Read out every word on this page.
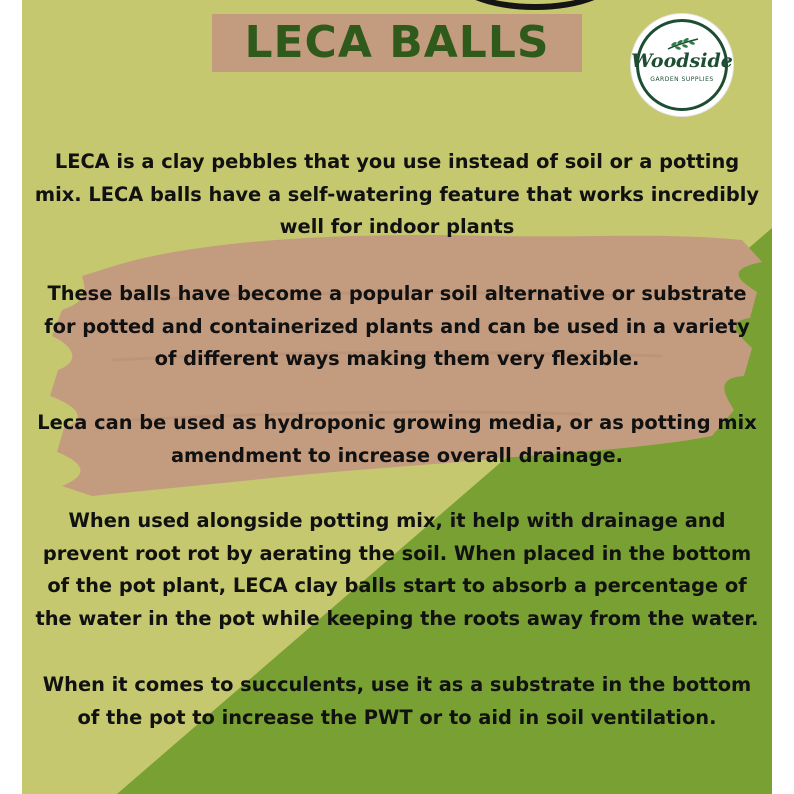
LECA BALLS	Woodside
GARDEN SUPPLIES

LECA is a clay pebbles that you use instead of soil or a potting mix. LECA balls have a self-watering feature that works incredibly well for indoor plants

These balls have become a popular soil alternative or substrate for potted and containerized plants and can be used in a variety of different ways making them very flexible.

Leca can be used as hydroponic growing media, or as potting mix amendment to increase overall drainage.

When used alongside potting mix, it help with drainage and prevent root rot by aerating the soil. When placed in the bottom of the pot plant, LECA clay balls start to absorb a percentage of the water in the pot while keeping the roots away from the water.

When it comes to succulents, use it as a substrate in the bottom of the pot to increase the PWT or to aid in soil ventilation.
